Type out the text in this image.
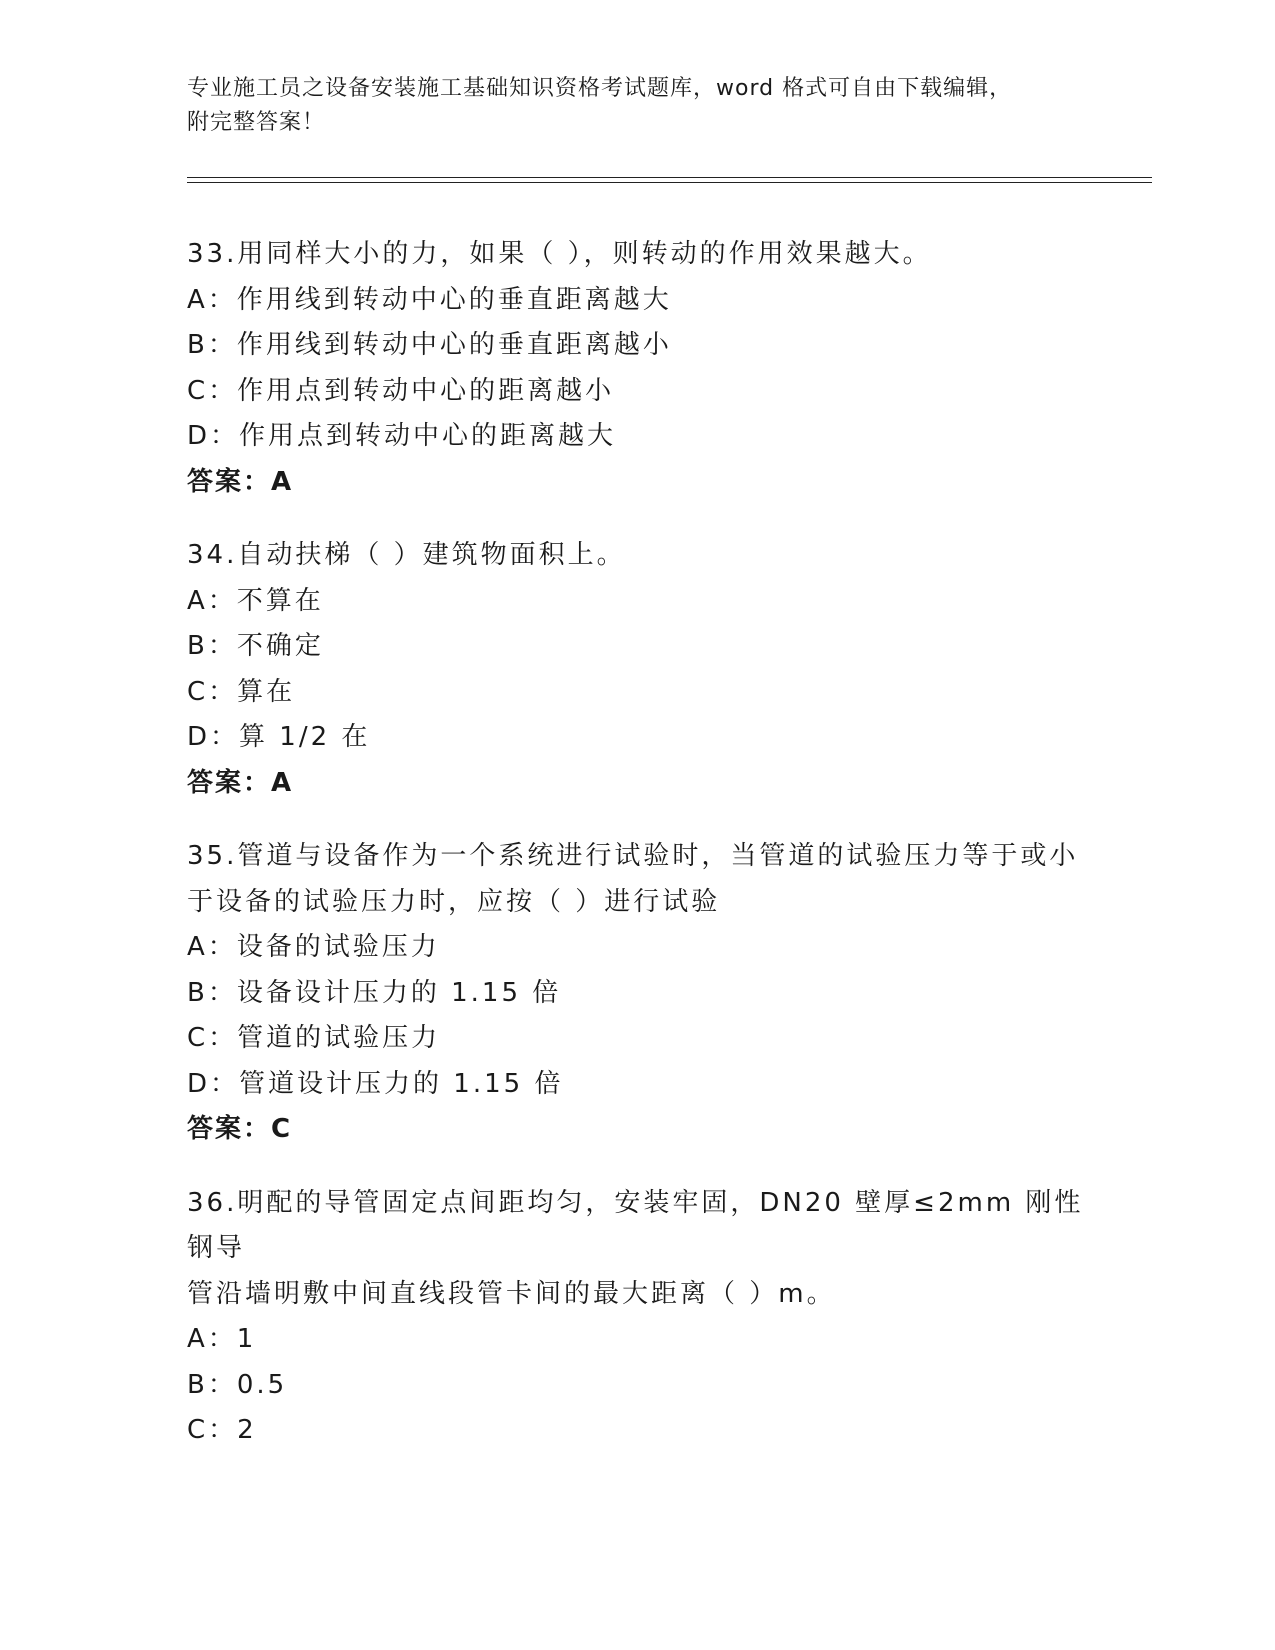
专业施工员之设备安装施工基础知识资格考试题库，word 格式可自由下载编辑，
附完整答案！
33.用同样大小的力，如果（ ），则转动的作用效果越大。
A：作用线到转动中心的垂直距离越大
B：作用线到转动中心的垂直距离越小
C：作用点到转动中心的距离越小
D：作用点到转动中心的距离越大
答案：A
34.自动扶梯（ ）建筑物面积上。
A：不算在
B：不确定
C：算在
D：算 1/2 在
答案：A
35.管道与设备作为一个系统进行试验时，当管道的试验压力等于或小
于设备的试验压力时，应按（ ）进行试验
A：设备的试验压力
B：设备设计压力的 1.15 倍
C：管道的试验压力
D：管道设计压力的 1.15 倍
答案：C
36.明配的导管固定点间距均匀，安装牢固，DN20 壁厚≤2mm 刚性钢导
管沿墙明敷中间直线段管卡间的最大距离（ ）m。
A：1
B：0.5
C：2
